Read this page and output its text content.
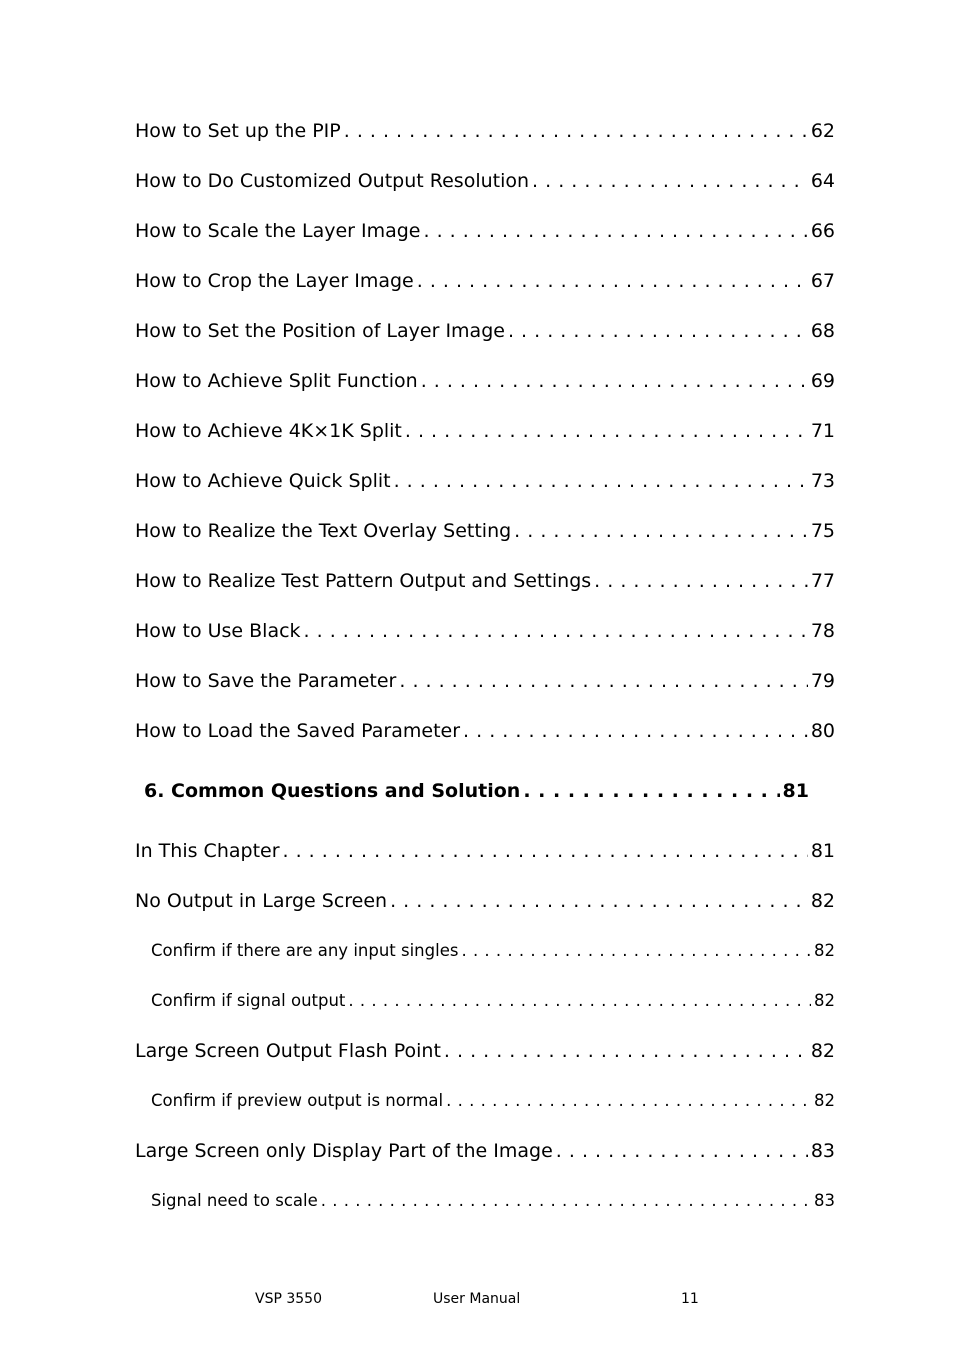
How to Set up the PIP . . .	62
How to Do Customized Output Resolution . . .	64
How to Scale the Layer Image . . .	66
How to Crop the Layer Image . . .	67
How to Set the Position of Layer Image . . .	68
How to Achieve Split Function . . .	69
How to Achieve 4K×1K Split . . .	71
How to Achieve Quick Split . . .	73
How to Realize the Text Overlay Setting . . .	75
How to Realize Test Pattern Output and Settings . . .	77
How to Use Black . . .	78
How to Save the Parameter . . .	79
How to Load the Saved Parameter . . .	80
6. Common Questions and Solution . . .	81
In This Chapter . . .	81
No Output in Large Screen . . .	82
Confirm if there are any input singles . . .	82
Confirm if signal output . . .	82
Large Screen Output Flash Point . . .	82
Confirm if preview output is normal . . .	82
Large Screen only Display Part of the Image . . .	83
Signal need to scale . . .	83
VSP 3550	User Manual	11
